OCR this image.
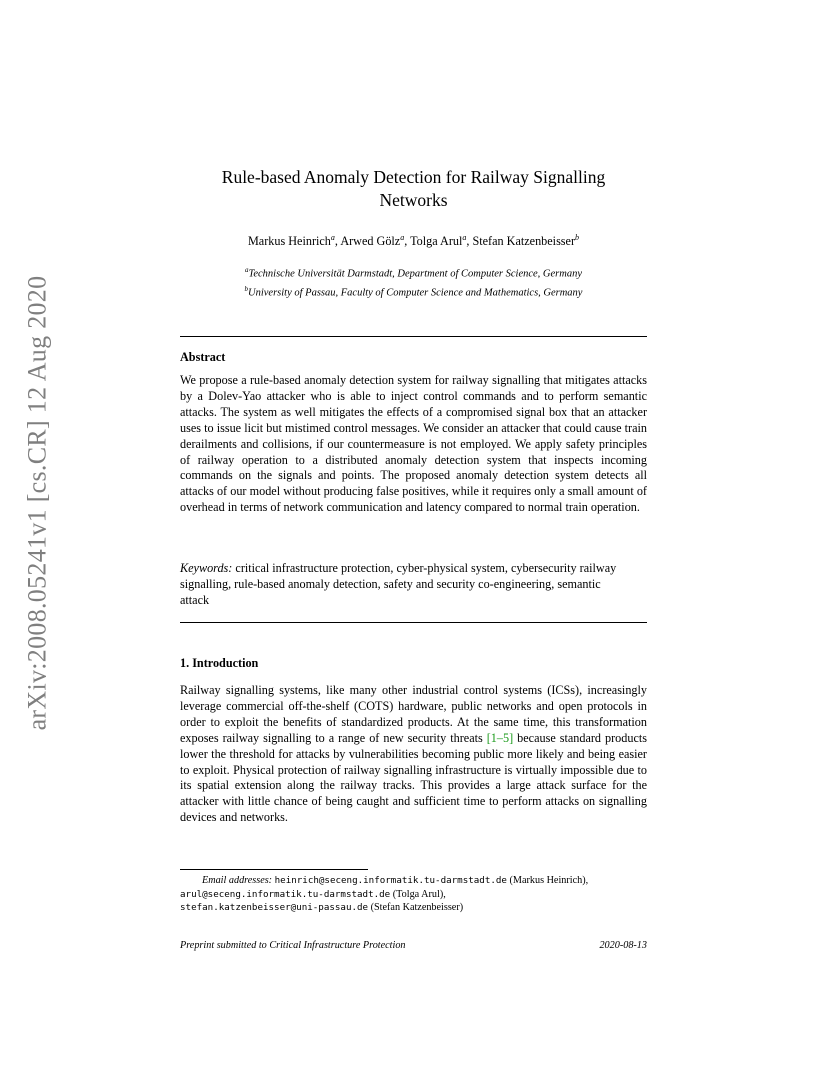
arXiv:2008.05241v1 [cs.CR] 12 Aug 2020
Rule-based Anomaly Detection for Railway Signalling
Networks
Markus Heinrich$^a$, Arwed Gölz$^a$, Tolga Arul$^a$, Stefan Katzenbeisser$^b$
$^a$Technische Universität Darmstadt, Department of Computer Science, Germany
$^b$University of Passau, Faculty of Computer Science and Mathematics, Germany
Abstract
We propose a rule-based anomaly detection system for railway signalling that mitigates attacks by a Dolev-Yao attacker who is able to inject control commands and to perform semantic attacks. The system as well mitigates the effects of a compromised signal box that an attacker uses to issue licit but mistimed control messages. We consider an attacker that could cause train derailments and collisions, if our countermeasure is not employed. We apply safety principles of railway operation to a distributed anomaly detection system that inspects incoming commands on the signals and points. The proposed anomaly detection system detects all attacks of our model without producing false positives, while it requires only a small amount of overhead in terms of network communication and latency compared to normal train operation.
Keywords: critical infrastructure protection, cyber-physical system, cybersecurity railway signalling, rule-based anomaly detection, safety and security co-engineering, semantic attack
1. Introduction
Railway signalling systems, like many other industrial control systems (ICSs), increasingly leverage commercial off-the-shelf (COTS) hardware, public networks and open protocols in order to exploit the benefits of standardized products. At the same time, this transformation exposes railway signalling to a range of new security threats [1–5] because standard products lower the threshold for attacks by vulnerabilities becoming public more likely and being easier to exploit. Physical protection of railway signalling infrastructure is virtually impossible due to its spatial extension along the railway tracks. This provides a large attack surface for the attacker with little chance of being caught and sufficient time to perform attacks on signalling devices and networks.
Email addresses: heinrich@seceng.informatik.tu-darmstadt.de (Markus Heinrich),
arul@seceng.informatik.tu-darmstadt.de (Tolga Arul),
stefan.katzenbeisser@uni-passau.de (Stefan Katzenbeisser)
Preprint submitted to Critical Infrastructure Protection	2020-08-13
